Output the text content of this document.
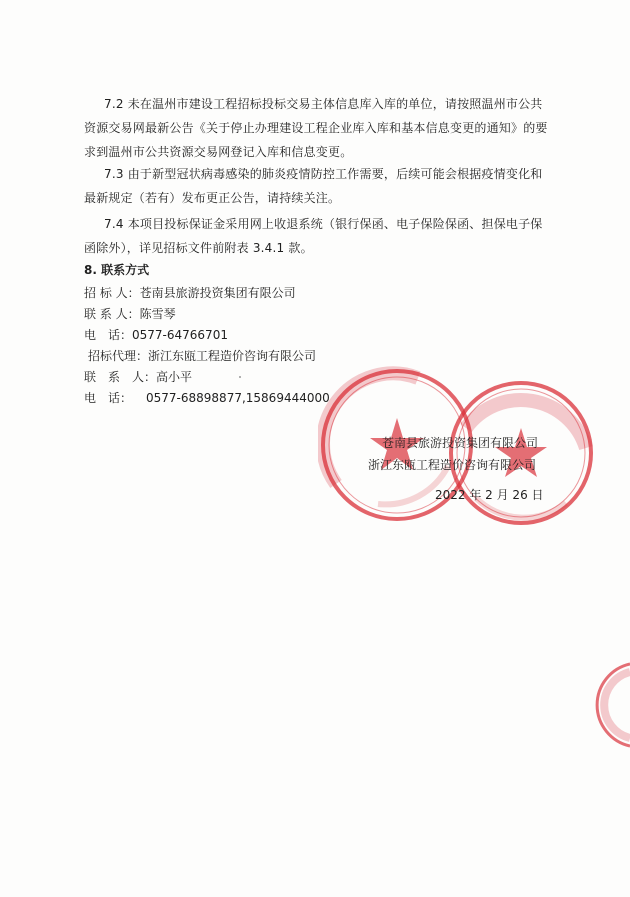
7.2 未在温州市建设工程招标投标交易主体信息库入库的单位，请按照温州市公共资源交易网最新公告《关于停止办理建设工程企业库入库和基本信息变更的通知》的要求到温州市公共资源交易网登记入库和信息变更。

7.3 由于新型冠状病毒感染的肺炎疫情防控工作需要，后续可能会根据疫情变化和最新规定（若有）发布更正公告，请持续关注。

7.4 本项目投标保证金采用网上收退系统（银行保函、电子保险保函、担保电子保函除外），详见招标文件前附表 3.4.1 款。

8. 联系方式
招 标 人：苍南县旅游投资集团有限公司
联 系 人：陈雪琴
电　话：0577-64766701
招标代理：浙江东瓯工程造价咨询有限公司
联　系　人：高小平
电　话： 0577-68898877,15869444000
苍南县旅游投资集团有限公司
浙江东瓯工程造价咨询有限公司
2022 年 2 月 26 日
